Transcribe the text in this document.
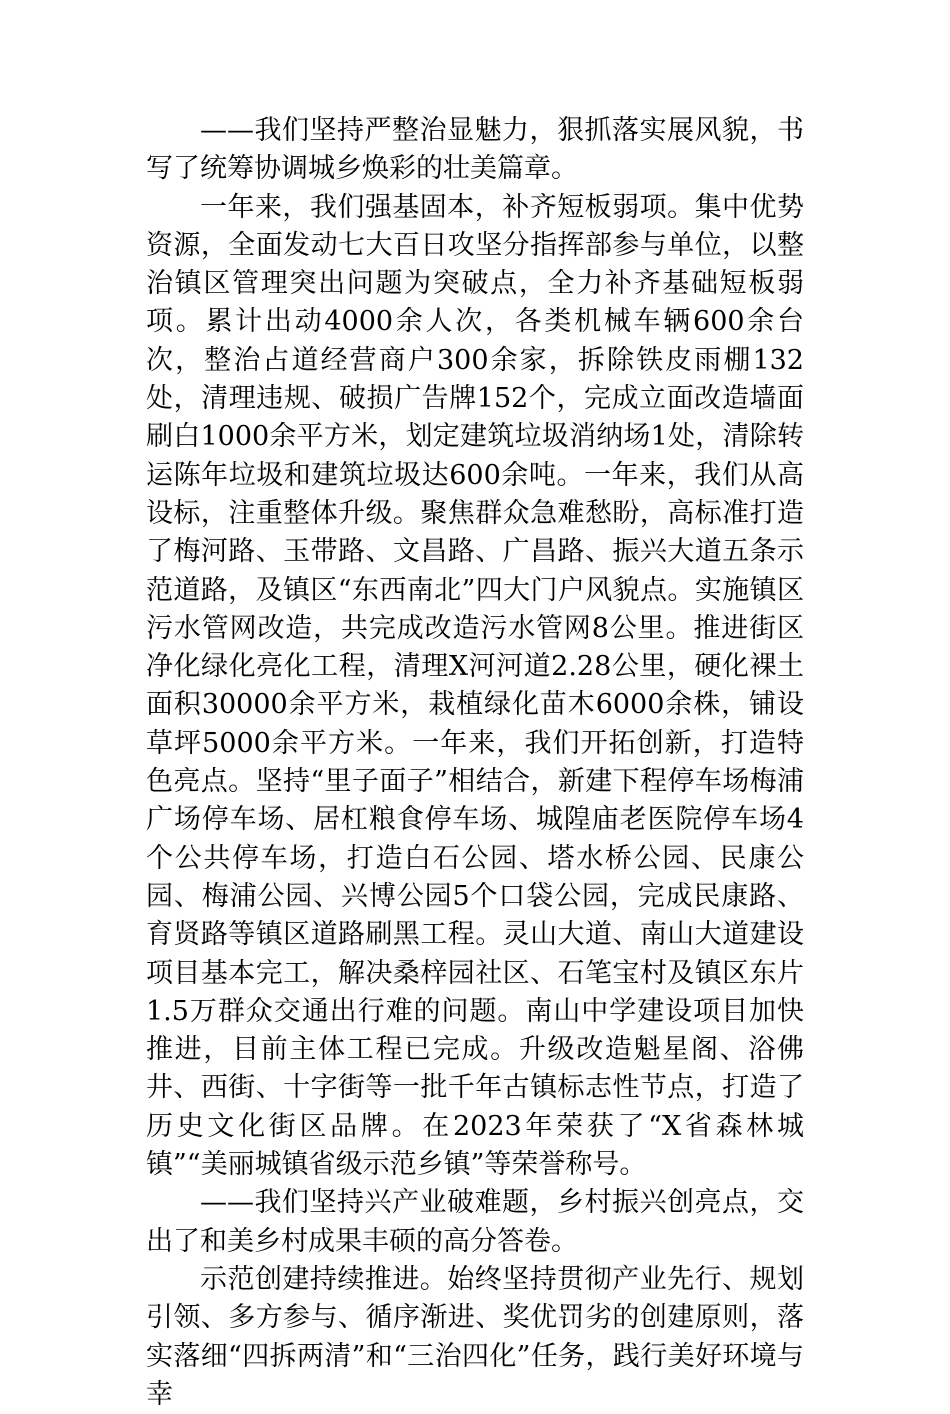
——我们坚持严整治显魅力，狠抓落实展风貌，书写了统筹协调城乡焕彩的壮美篇章。

一年来，我们强基固本，补齐短板弱项。集中优势资源，全面发动七大百日攻坚分指挥部参与单位，以整治镇区管理突出问题为突破点，全力补齐基础短板弱项。累计出动4000余人次，各类机械车辆600余台次，整治占道经营商户300余家，拆除铁皮雨棚132处，清理违规、破损广告牌152个，完成立面改造墙面刷白1000余平方米，划定建筑垃圾消纳场1处，清除转运陈年垃圾和建筑垃圾达600余吨。一年来，我们从高设标，注重整体升级。聚焦群众急难愁盼，高标准打造了梅河路、玉带路、文昌路、广昌路、振兴大道五条示范道路，及镇区“东西南北”四大门户风貌点。实施镇区污水管网改造，共完成改造污水管网8公里。推进街区净化绿化亮化工程，清理X河河道2.28公里，硬化裸土面积30000余平方米，栽植绿化苗木6000余株，铺设草坪5000余平方米。一年来，我们开拓创新，打造特色亮点。坚持“里子面子”相结合，新建下程停车场梅浦广场停车场、居杠粮食停车场、城隍庙老医院停车场4个公共停车场，打造白石公园、塔水桥公园、民康公园、梅浦公园、兴博公园5个口袋公园，完成民康路、育贤路等镇区道路刷黑工程。灵山大道、南山大道建设项目基本完工，解决桑梓园社区、石笔宝村及镇区东片1.5万群众交通出行难的问题。南山中学建设项目加快推进，目前主体工程已完成。升级改造魁星阁、浴佛井、西街、十字街等一批千年古镇标志性节点，打造了历史文化街区品牌。在2023年荣获了“X省森林城镇”“美丽城镇省级示范乡镇”等荣誉称号。

——我们坚持兴产业破难题，乡村振兴创亮点，交出了和美乡村成果丰硕的高分答卷。

示范创建持续推进。始终坚持贯彻产业先行、规划引领、多方参与、循序渐进、奖优罚劣的创建原则，落实落细“四拆两清”和“三治四化”任务，践行美好环境与幸
